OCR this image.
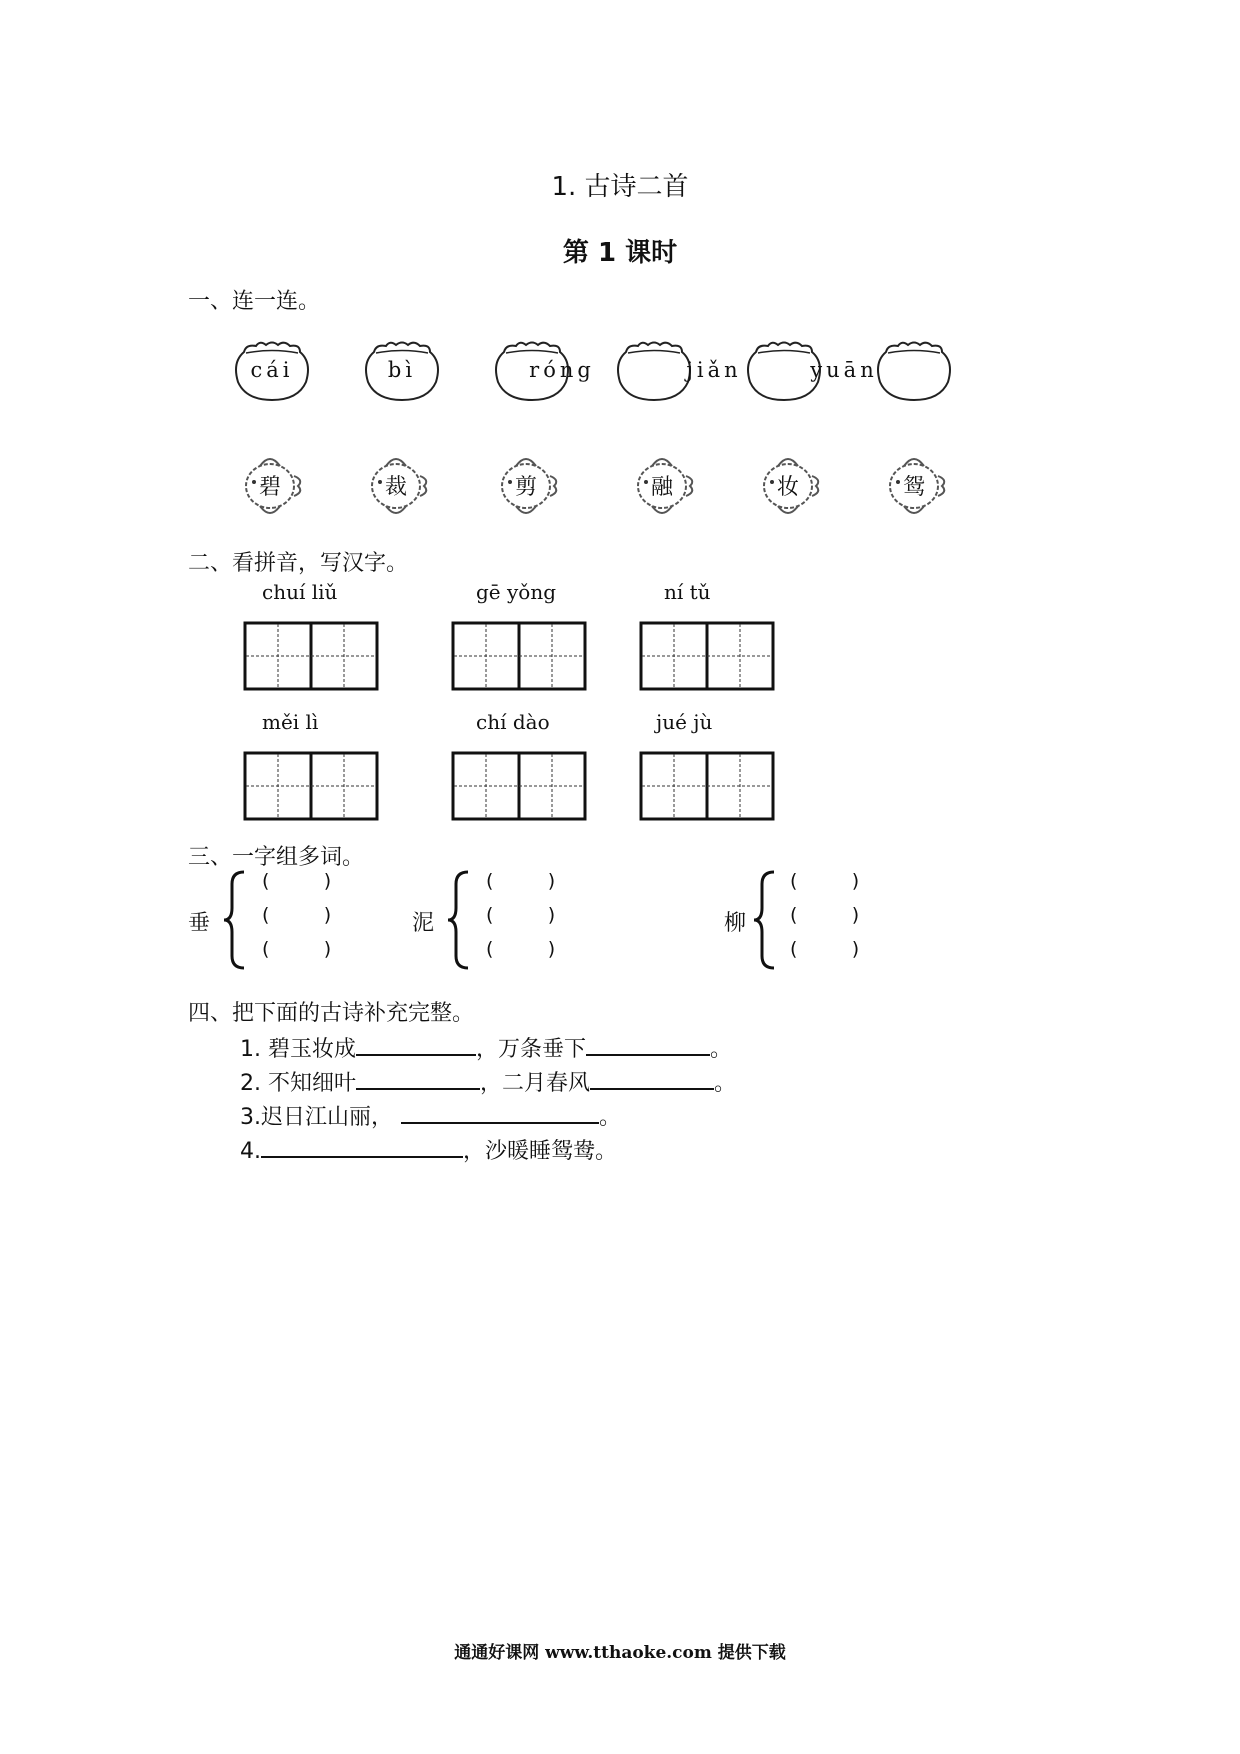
1. 古诗二首
第 1 课时
一、连一连。
cái	bì	róng	jiǎn	yuān
碧	裁	剪	融	妆	鸳
二、看拼音，写汉字。
chuí liǔ	gē yǒng	ní tǔ
měi lì	chí dào	jué jù
三、一字组多词。
垂
(         )
(         )
(         )
泥
(         )
(         )
(         )
柳
(         )
(         )
(         )
四、把下面的古诗补充完整。
1. 碧玉妆成	，万条垂下	。
2. 不知细叶	，二月春风	。
3.迟日江山丽，	。
4.	，沙暖睡鸳鸯。
通通好课网 www.tthaoke.com 提供下载
